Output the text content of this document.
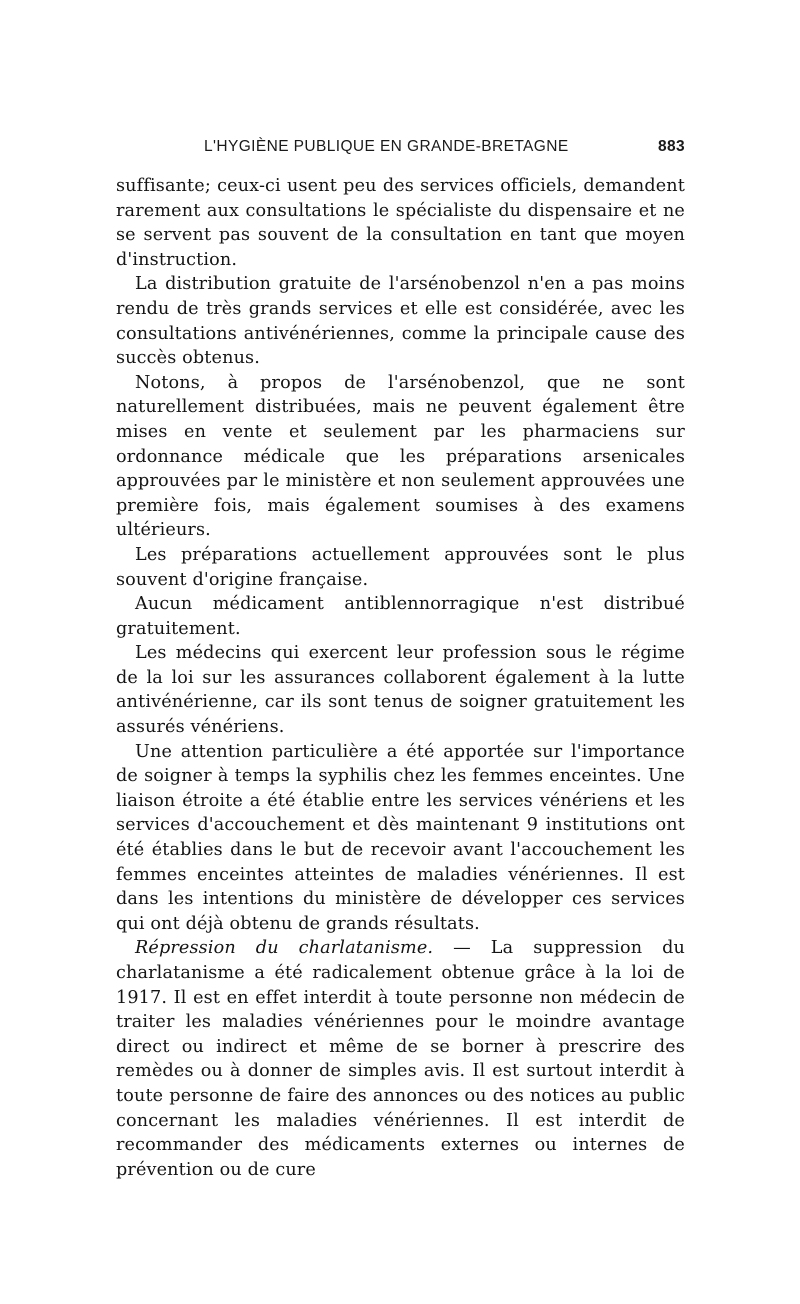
L'HYGIÈNE PUBLIQUE EN GRANDE-BRETAGNE	883

suffisante; ceux-ci usent peu des services officiels, demandent rarement aux consultations le spécialiste du dispensaire et ne se servent pas souvent de la consultation en tant que moyen d'instruction.

La distribution gratuite de l'arsénobenzol n'en a pas moins rendu de très grands services et elle est considérée, avec les consultations antivénériennes, comme la principale cause des succès obtenus.

Notons, à propos de l'arsénobenzol, que ne sont naturellement distribuées, mais ne peuvent également être mises en vente et seulement par les pharmaciens sur ordonnance médicale que les préparations arsenicales approuvées par le ministère et non seulement approuvées une première fois, mais également soumises à des examens ultérieurs.

Les préparations actuellement approuvées sont le plus souvent d'origine française.

Aucun médicament antiblennorragique n'est distribué gratuitement.

Les médecins qui exercent leur profession sous le régime de la loi sur les assurances collaborent également à la lutte antivénérienne, car ils sont tenus de soigner gratuitement les assurés vénériens.

Une attention particulière a été apportée sur l'importance de soigner à temps la syphilis chez les femmes enceintes. Une liaison étroite a été établie entre les services vénériens et les services d'accouchement et dès maintenant 9 institutions ont été établies dans le but de recevoir avant l'accouchement les femmes enceintes atteintes de maladies vénériennes. Il est dans les intentions du ministère de développer ces services qui ont déjà obtenu de grands résultats.

Répression du charlatanisme. — La suppression du charlatanisme a été radicalement obtenue grâce à la loi de 1917. Il est en effet interdit à toute personne non médecin de traiter les maladies vénériennes pour le moindre avantage direct ou indirect et même de se borner à prescrire des remèdes ou à donner de simples avis. Il est surtout interdit à toute personne de faire des annonces ou des notices au public concernant les maladies vénériennes. Il est interdit de recommander des médicaments externes ou internes de prévention ou de cure
